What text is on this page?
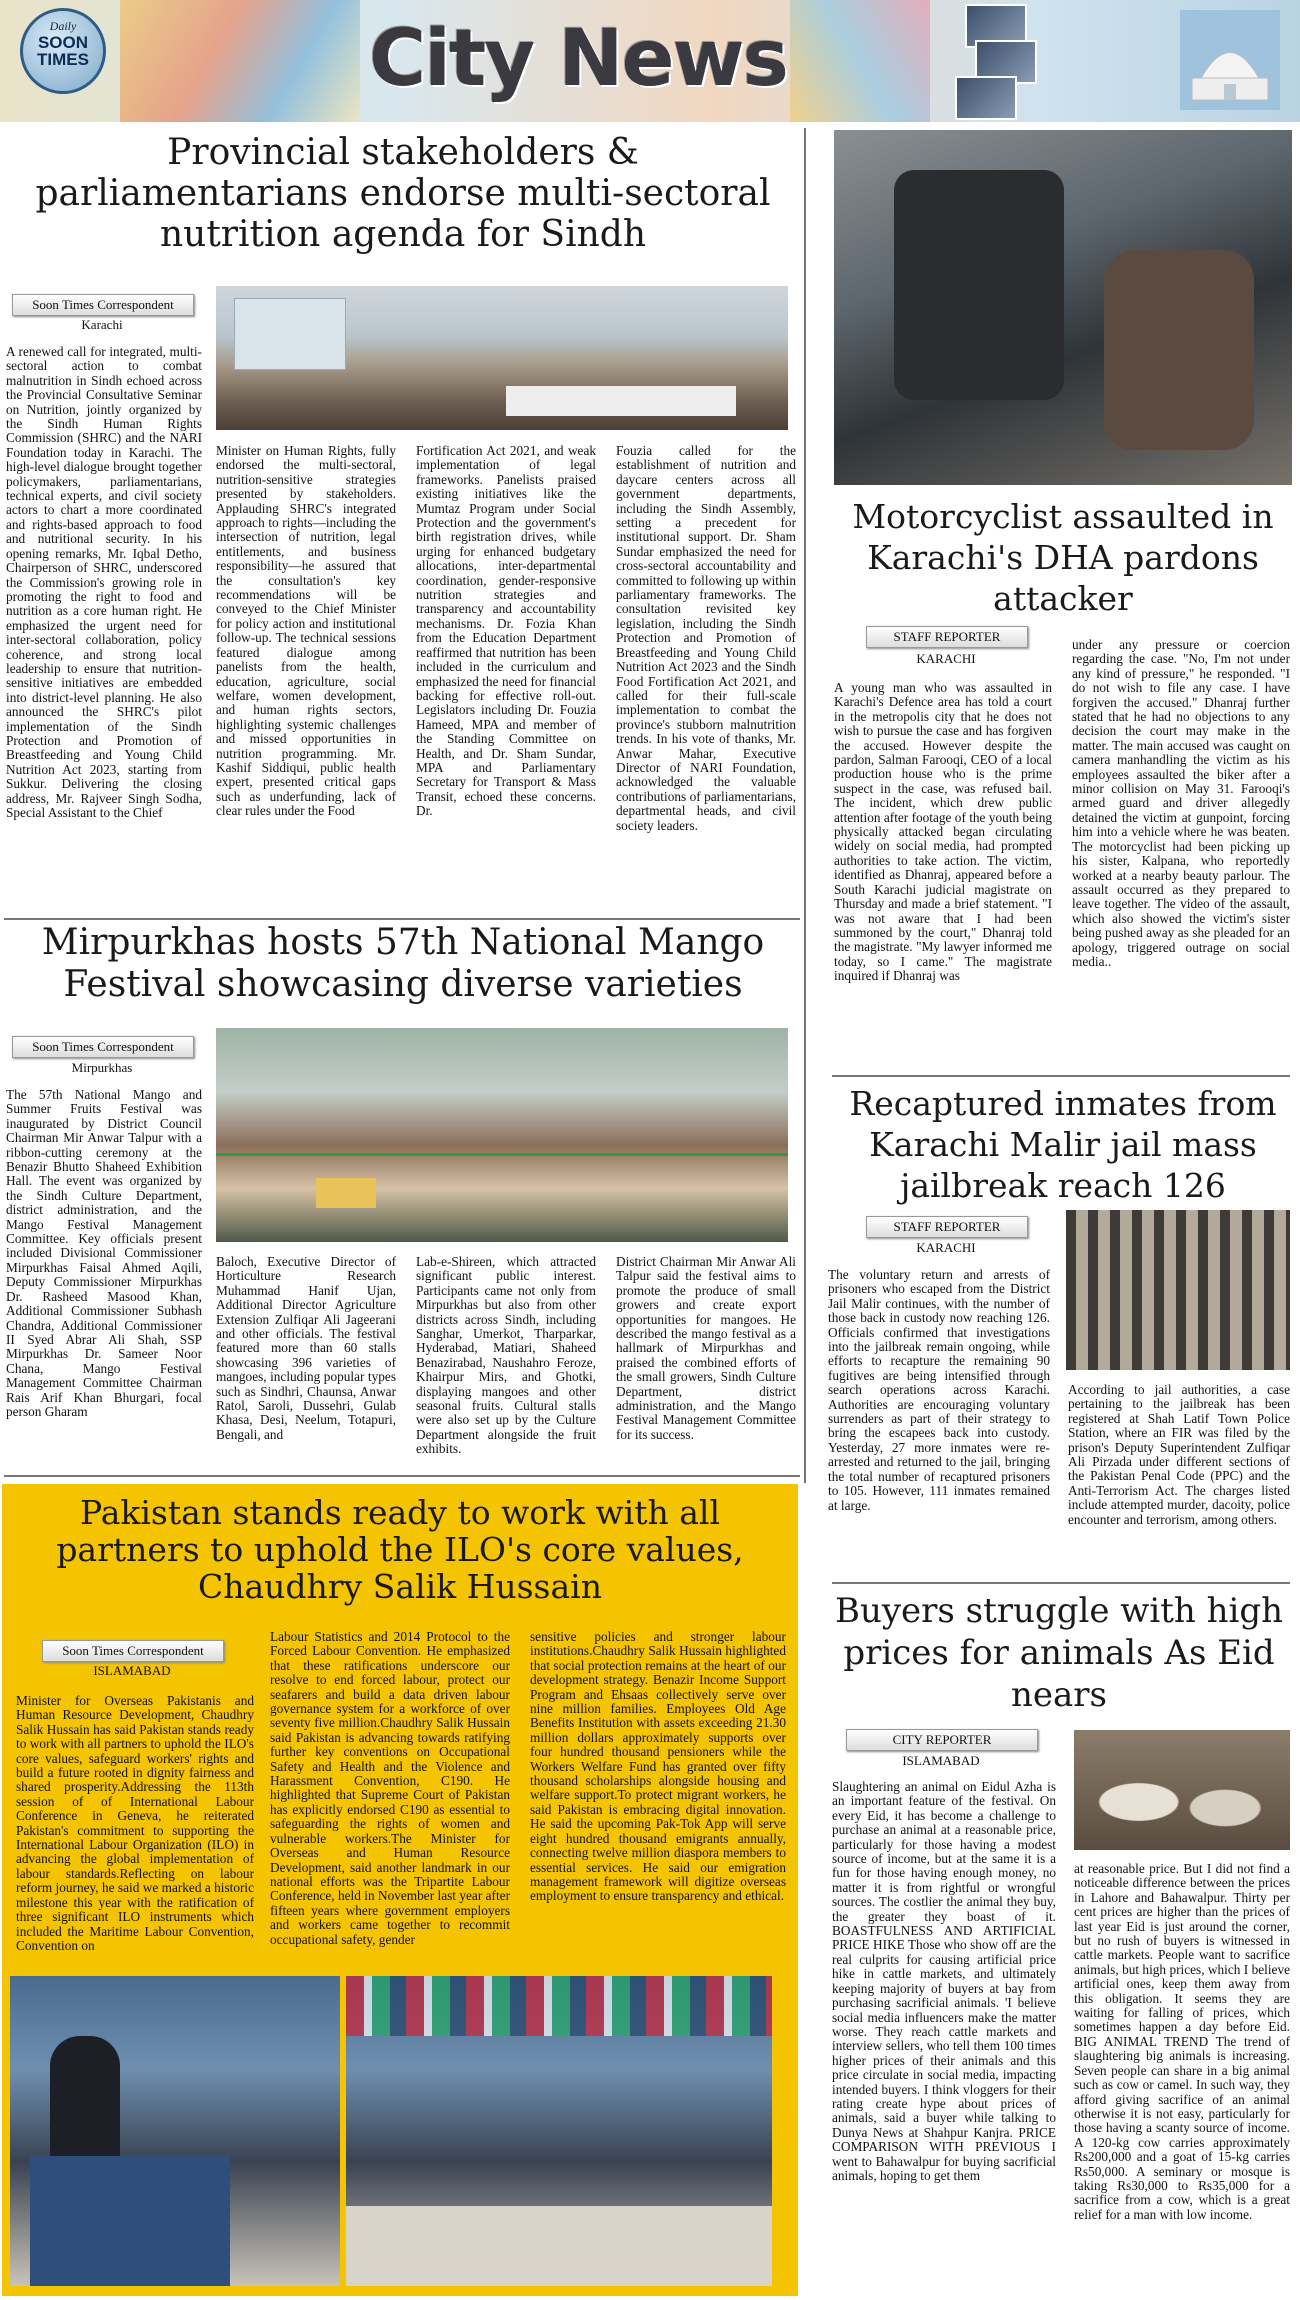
Daily
SOON TIMES	City News
Provincial stakeholders & parliamentarians endorse multi-sectoral nutrition agenda for Sindh
Soon Times Correspondent
Karachi
A renewed call for integrated, multi-sectoral action to combat malnutrition in Sindh echoed across the Provincial Consultative Seminar on Nutrition, jointly organized by the Sindh Human Rights Commission (SHRC) and the NARI Foundation today in Karachi. The high-level dialogue brought together policymakers, parliamentarians, technical experts, and civil society actors to chart a more coordinated and rights-based approach to food and nutritional security. In his opening remarks, Mr. Iqbal Detho, Chairperson of SHRC, underscored the Commission's growing role in promoting the right to food and nutrition as a core human right. He emphasized the urgent need for inter-sectoral collaboration, policy coherence, and strong local leadership to ensure that nutrition-sensitive initiatives are embedded into district-level planning. He also announced the SHRC's pilot implementation of the Sindh Protection and Promotion of Breastfeeding and Young Child Nutrition Act 2023, starting from Sukkur. Delivering the closing address, Mr. Rajveer Singh Sodha, Special Assistant to the Chief
Minister on Human Rights, fully endorsed the multi-sectoral, nutrition-sensitive strategies presented by stakeholders. Applauding SHRC's integrated approach to rights—including the intersection of nutrition, legal entitlements, and business responsibility—he assured that the consultation's key recommendations will be conveyed to the Chief Minister for policy action and institutional follow-up. The technical sessions featured dialogue among panelists from the health, education, agriculture, social welfare, women development, and human rights sectors, highlighting systemic challenges and missed opportunities in nutrition programming. Mr. Kashif Siddiqui, public health expert, presented critical gaps such as underfunding, lack of clear rules under the Food
Fortification Act 2021, and weak implementation of legal frameworks. Panelists praised existing initiatives like the Mumtaz Program under Social Protection and the government's birth registration drives, while urging for enhanced budgetary allocations, inter-departmental coordination, gender-responsive nutrition strategies and transparency and accountability mechanisms. Dr. Fozia Khan from the Education Department reaffirmed that nutrition has been included in the curriculum and emphasized the need for financial backing for effective roll-out. Legislators including Dr. Fouzia Hameed, MPA and member of the Standing Committee on Health, and Dr. Sham Sundar, MPA and Parliamentary Secretary for Transport & Mass Transit, echoed these concerns. Dr.
Fouzia called for the establishment of nutrition and daycare centers across all government departments, including the Sindh Assembly, setting a precedent for institutional support. Dr. Sham Sundar emphasized the need for cross-sectoral accountability and committed to following up within parliamentary frameworks. The consultation revisited key legislation, including the Sindh Protection and Promotion of Breastfeeding and Young Child Nutrition Act 2023 and the Sindh Food Fortification Act 2021, and called for their full-scale implementation to combat the province's stubborn malnutrition trends. In his vote of thanks, Mr. Anwar Mahar, Executive Director of NARI Foundation, acknowledged the valuable contributions of parliamentarians, departmental heads, and civil society leaders.
Mirpurkhas hosts 57th National Mango Festival showcasing diverse varieties
Soon Times Correspondent
Mirpurkhas
The 57th National Mango and Summer Fruits Festival was inaugurated by District Council Chairman Mir Anwar Talpur with a ribbon-cutting ceremony at the Benazir Bhutto Shaheed Exhibition Hall. The event was organized by the Sindh Culture Department, district administration, and the Mango Festival Management Committee. Key officials present included Divisional Commissioner Mirpurkhas Faisal Ahmed Aqili, Deputy Commissioner Mirpurkhas Dr. Rasheed Masood Khan, Additional Commissioner Subhash Chandra, Additional Commissioner II Syed Abrar Ali Shah, SSP Mirpurkhas Dr. Sameer Noor Chana, Mango Festival Management Committee Chairman Rais Arif Khan Bhurgari, focal person Gharam
Baloch, Executive Director of Horticulture Research Muhammad Hanif Ujan, Additional Director Agriculture Extension Zulfiqar Ali Jageerani and other officials. The festival featured more than 60 stalls showcasing 396 varieties of mangoes, including popular types such as Sindhri, Chaunsa, Anwar Ratol, Saroli, Dussehri, Gulab Khasa, Desi, Neelum, Totapuri, Bengali, and
Lab-e-Shireen, which attracted significant public interest. Participants came not only from Mirpurkhas but also from other districts across Sindh, including Sanghar, Umerkot, Tharparkar, Hyderabad, Matiari, Shaheed Benazirabad, Naushahro Feroze, Khairpur Mirs, and Ghotki, displaying mangoes and other seasonal fruits. Cultural stalls were also set up by the Culture Department alongside the fruit exhibits.
District Chairman Mir Anwar Ali Talpur said the festival aims to promote the produce of small growers and create export opportunities for mangoes. He described the mango festival as a hallmark of Mirpurkhas and praised the combined efforts of the small growers, Sindh Culture Department, district administration, and the Mango Festival Management Committee for its success.
Pakistan stands ready to work with all partners to uphold the ILO's core values, Chaudhry Salik Hussain
Soon Times Correspondent
ISLAMABAD
Minister for Overseas Pakistanis and Human Resource Development, Chaudhry Salik Hussain has said Pakistan stands ready to work with all partners to uphold the ILO's core values, safeguard workers' rights and build a future rooted in dignity fairness and shared prosperity.Addressing the 113th session of of International Labour Conference in Geneva, he reiterated Pakistan's commitment to supporting the International Labour Organization (ILO) in advancing the global implementation of labour standards.Reflecting on labour reform journey, he said we marked a historic milestone this year with the ratification of three significant ILO instruments which included the Maritime Labour Convention, Convention on
Labour Statistics and 2014 Protocol to the Forced Labour Convention. He emphasized that these ratifications underscore our resolve to end forced labour, protect our seafarers and build a data driven labour governance system for a workforce of over seventy five million.Chaudhry Salik Hussain said Pakistan is advancing towards ratifying further key conventions on Occupational Safety and Health and the Violence and Harassment Convention, C190. He highlighted that Supreme Court of Pakistan has explicitly endorsed C190 as essential to safeguarding the rights of women and vulnerable workers.The Minister for Overseas and Human Resource Development, said another landmark in our national efforts was the Tripartite Labour Conference, held in November last year after fifteen years where government employers and workers came together to recommit occupational safety, gender
sensitive policies and stronger labour institutions.Chaudhry Salik Hussain highlighted that social protection remains at the heart of our development strategy. Benazir Income Support Program and Ehsaas collectively serve over nine million families. Employees Old Age Benefits Institution with assets exceeding 21.30 million dollars approximately supports over four hundred thousand pensioners while the Workers Welfare Fund has granted over fifty thousand scholarships alongside housing and welfare support.To protect migrant workers, he said Pakistan is embracing digital innovation. He said the upcoming Pak-Tok App will serve eight hundred thousand emigrants annually, connecting twelve million diaspora members to essential services. He said our emigration management framework will digitize overseas employment to ensure transparency and ethical.
Motorcyclist assaulted in Karachi's DHA pardons attacker
STAFF REPORTER
KARACHI
A young man who was assaulted in Karachi's Defence area has told a court in the metropolis city that he does not wish to pursue the case and has forgiven the accused. However despite the pardon, Salman Farooqi, CEO of a local production house who is the prime suspect in the case, was refused bail. The incident, which drew public attention after footage of the youth being physically attacked began circulating widely on social media, had prompted authorities to take action. The victim, identified as Dhanraj, appeared before a South Karachi judicial magistrate on Thursday and made a brief statement. "I was not aware that I had been summoned by the court," Dhanraj told the magistrate. "My lawyer informed me today, so I came." The magistrate inquired if Dhanraj was
under any pressure or coercion regarding the case. "No, I'm not under any kind of pressure," he responded. "I do not wish to file any case. I have forgiven the accused." Dhanraj further stated that he had no objections to any decision the court may make in the matter. The main accused was caught on camera manhandling the victim as his employees assaulted the biker after a minor collision on May 31. Farooqi's armed guard and driver allegedly detained the victim at gunpoint, forcing him into a vehicle where he was beaten. The motorcyclist had been picking up his sister, Kalpana, who reportedly worked at a nearby beauty parlour. The assault occurred as they prepared to leave together. The video of the assault, which also showed the victim's sister being pushed away as she pleaded for an apology, triggered outrage on social media..
Recaptured inmates from Karachi Malir jail mass jailbreak reach 126
STAFF REPORTER
KARACHI
The voluntary return and arrests of prisoners who escaped from the District Jail Malir continues, with the number of those back in custody now reaching 126. Officials confirmed that investigations into the jailbreak remain ongoing, while efforts to recapture the remaining 90 fugitives are being intensified through search operations across Karachi. Authorities are encouraging voluntary surrenders as part of their strategy to bring the escapees back into custody. Yesterday, 27 more inmates were re-arrested and returned to the jail, bringing the total number of recaptured prisoners to 105. However, 111 inmates remained at large.
According to jail authorities, a case pertaining to the jailbreak has been registered at Shah Latif Town Police Station, where an FIR was filed by the prison's Deputy Superintendent Zulfiqar Ali Pirzada under different sections of the Pakistan Penal Code (PPC) and the Anti-Terrorism Act. The charges listed include attempted murder, dacoity, police encounter and terrorism, among others.
Buyers struggle with high prices for animals As Eid nears
CITY REPORTER
ISLAMABAD
Slaughtering an animal on Eidul Azha is an important feature of the festival. On every Eid, it has become a challenge to purchase an animal at a reasonable price, particularly for those having a modest source of income, but at the same it is a fun for those having enough money, no matter it is from rightful or wrongful sources. The costlier the animal they buy, the greater they boast of it. BOASTFULNESS AND ARTIFICIAL PRICE HIKE Those who show off are the real culprits for causing artificial price hike in cattle markets, and ultimately keeping majority of buyers at bay from purchasing sacrificial animals. 'I believe social media influencers make the matter worse. They reach cattle markets and interview sellers, who tell them 100 times higher prices of their animals and this price circulate in social media, impacting intended buyers. I think vloggers for their rating create hype about prices of animals, said a buyer while talking to Dunya News at Shahpur Kanjra. PRICE COMPARISON WITH PREVIOUS I went to Bahawalpur for buying sacrificial animals, hoping to get them
at reasonable price. But I did not find a noticeable difference between the prices in Lahore and Bahawalpur. Thirty per cent prices are higher than the prices of last year Eid is just around the corner, but no rush of buyers is witnessed in cattle markets. People want to sacrifice animals, but high prices, which I believe artificial ones, keep them away from this obligation. It seems they are waiting for falling of prices, which sometimes happen a day before Eid. BIG ANIMAL TREND The trend of slaughtering big animals is increasing. Seven people can share in a big animal such as cow or camel. In such way, they afford giving sacrifice of an animal otherwise it is not easy, particularly for those having a scanty source of income. A 120-kg cow carries approximately Rs200,000 and a goat of 15-kg carries Rs50,000. A seminary or mosque is taking Rs30,000 to Rs35,000 for a sacrifice from a cow, which is a great relief for a man with low income.
